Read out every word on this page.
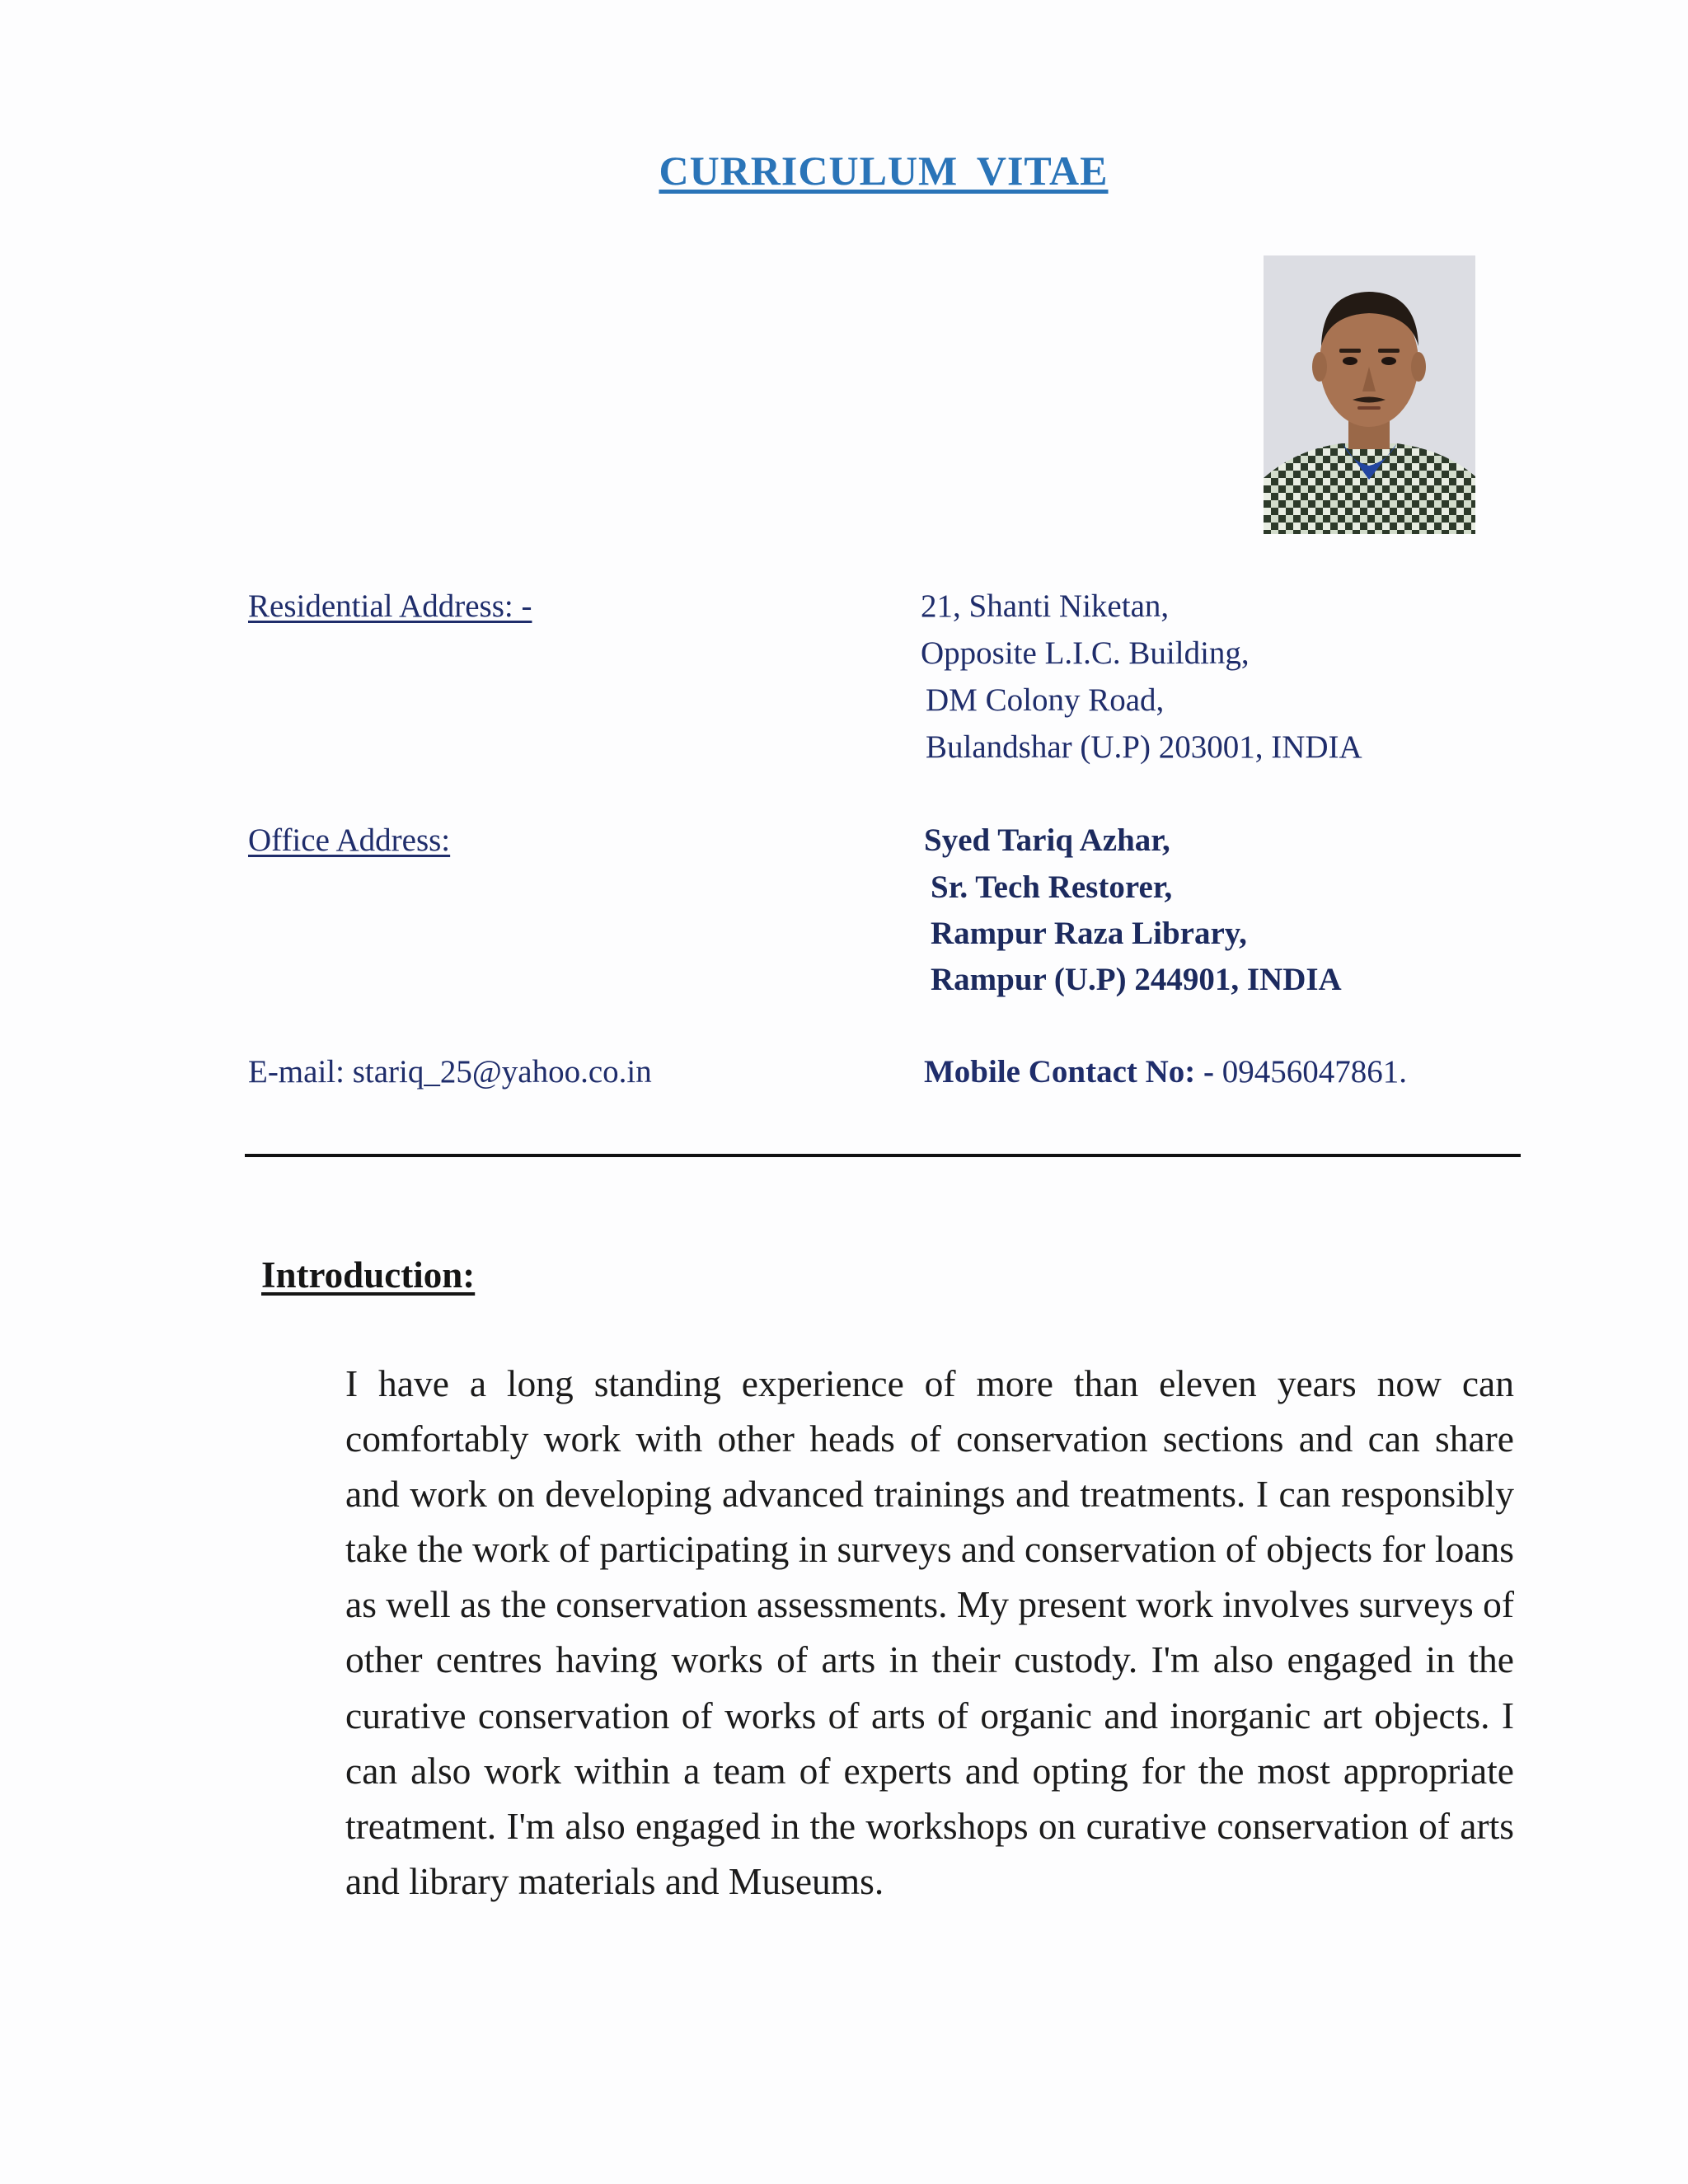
CURRICULUM VITAE
Residential Address: -	21, Shanti Niketan,
Opposite L.I.C. Building,
DM Colony Road,
Bulandshar (U.P) 203001, INDIA
Office Address:	Syed Tariq Azhar,
Sr. Tech Restorer,
Rampur Raza Library,
Rampur (U.P) 244901, INDIA
E-mail: stariq_25@yahoo.co.in	Mobile Contact No: - 09456047861.
Introduction:
I have a long standing experience of more than eleven years now can comfortably work with other heads of conservation sections and can share and work on developing advanced trainings and treatments. I can responsibly take the work of participating in surveys and conservation of objects for loans as well as the conservation assessments. My present work involves surveys of other centres having works of arts in their custody. I'm also engaged in the curative conservation of works of arts of organic and inorganic art objects. I can also work within a team of experts and opting for the most appropriate treatment. I'm also engaged in the workshops on curative conservation of arts and library materials and Museums.
